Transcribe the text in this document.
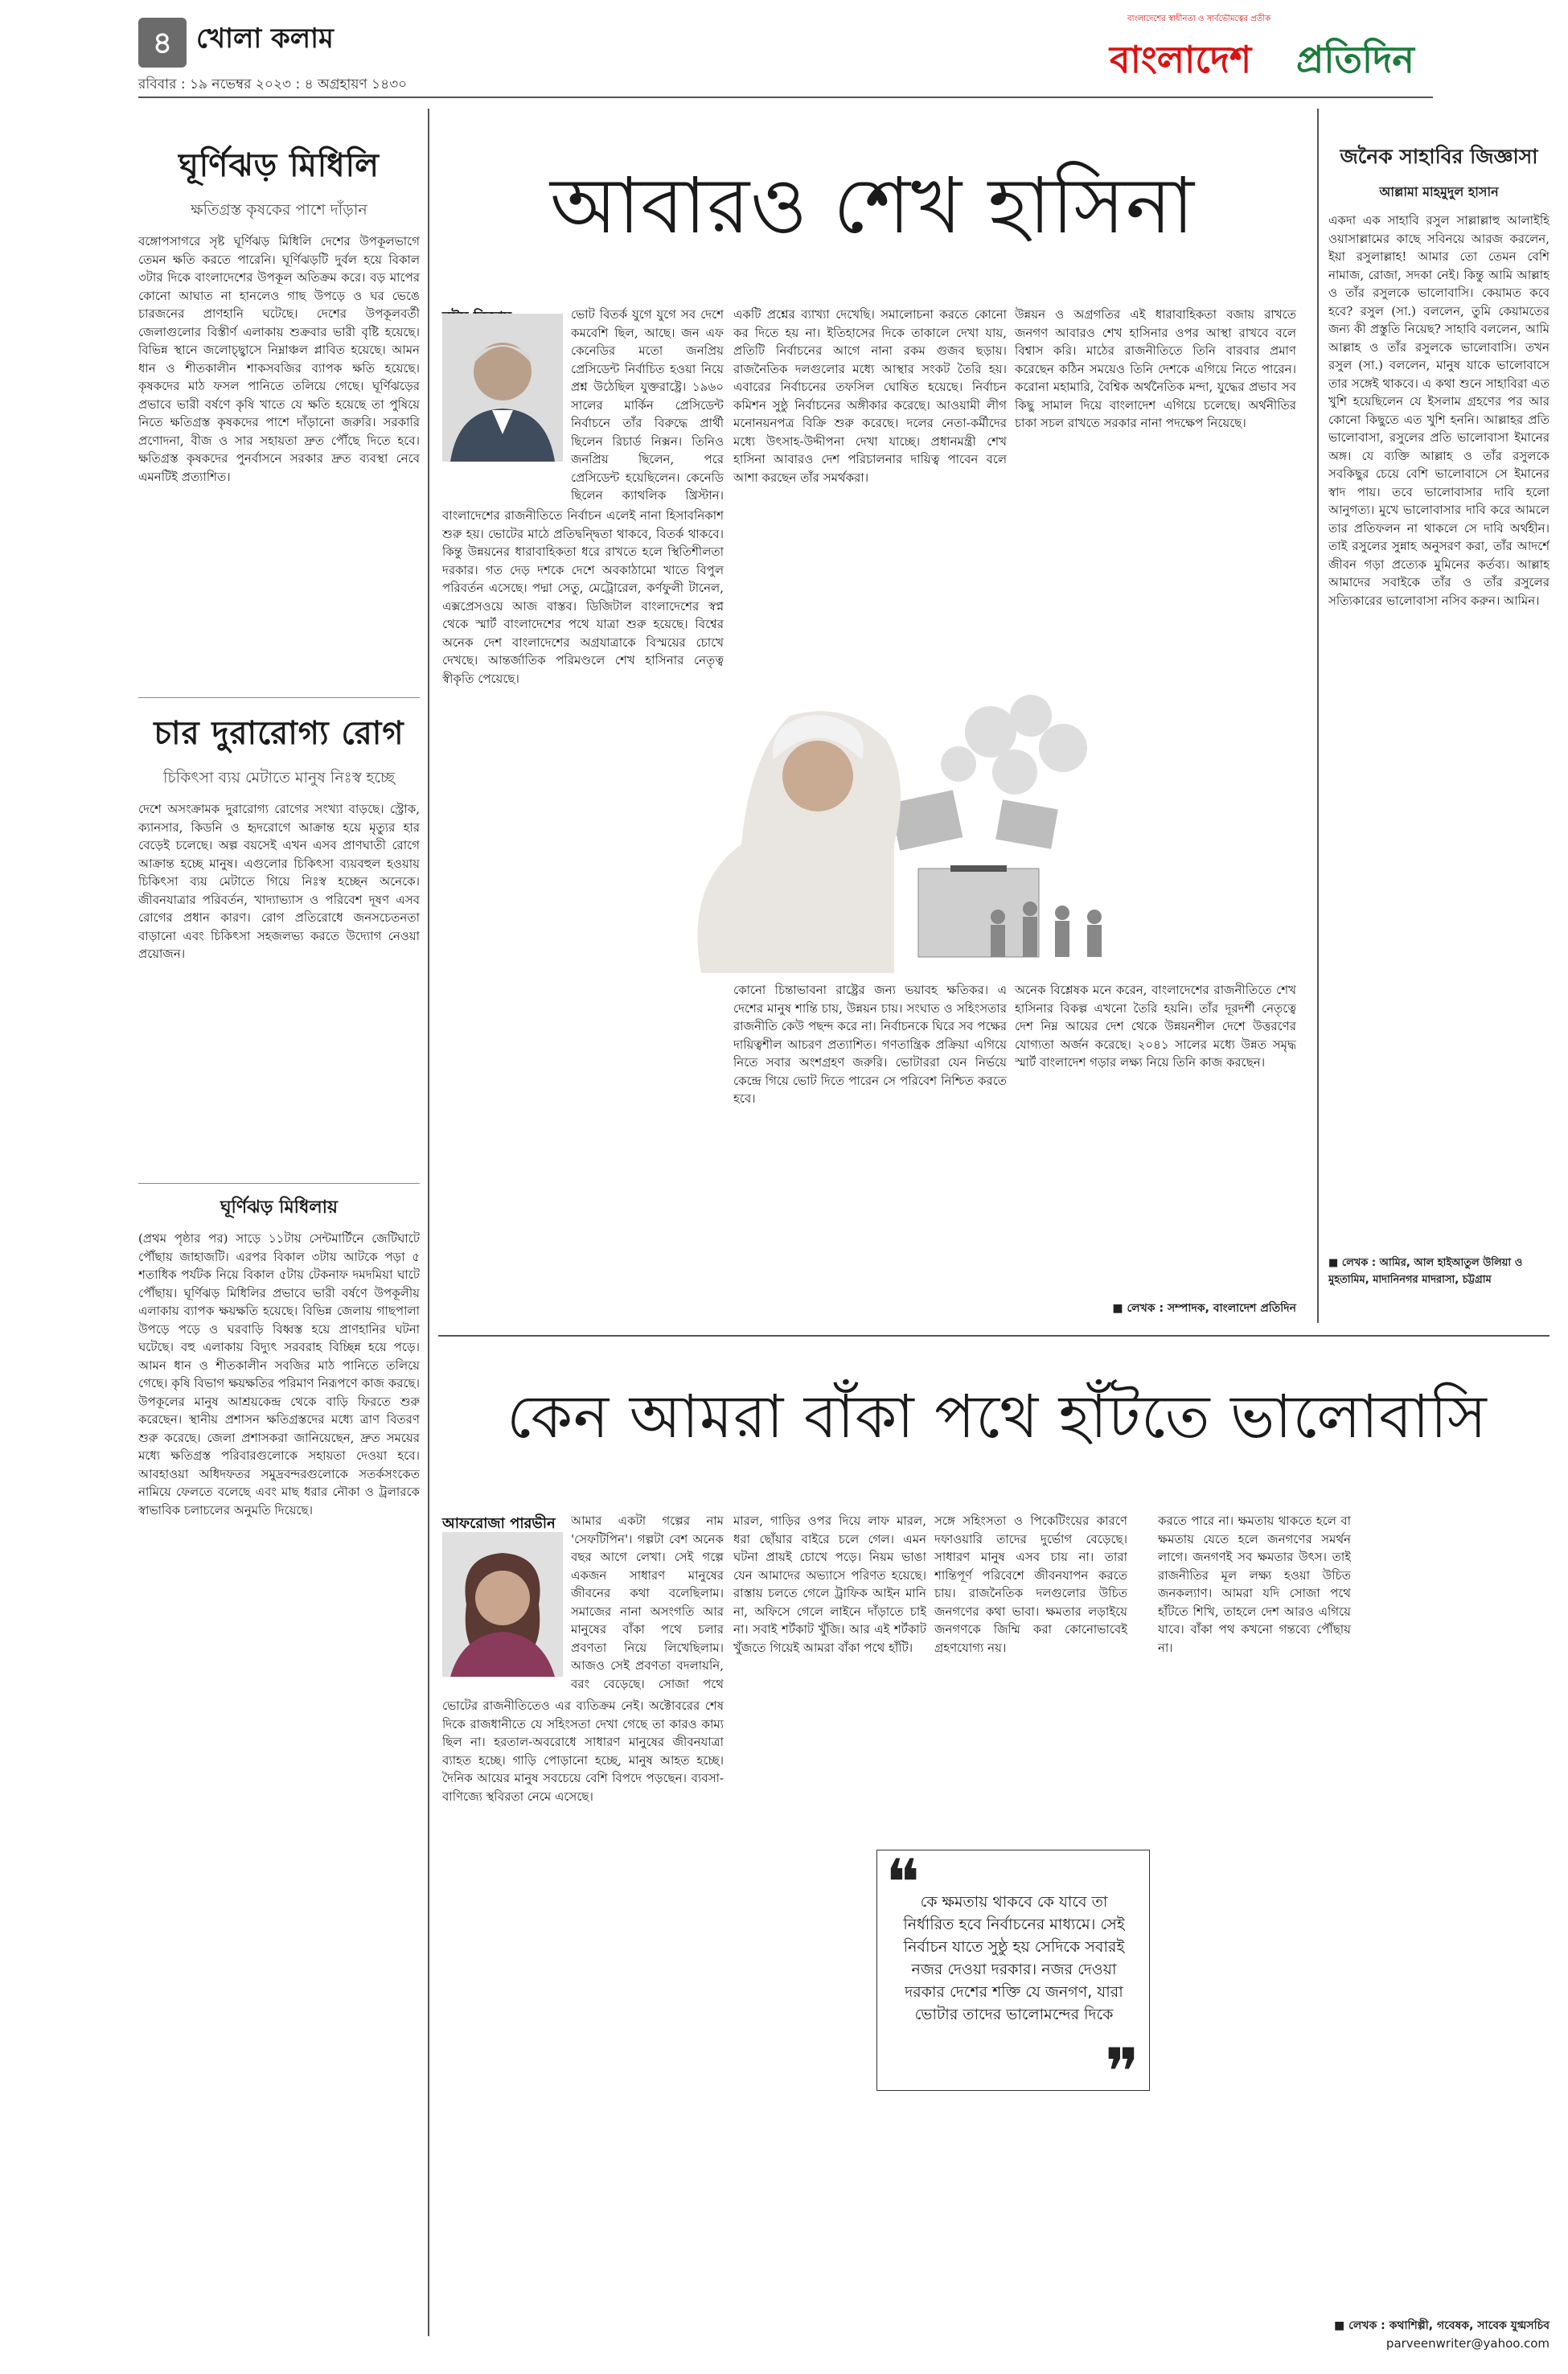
৪ খোলা কলাম
রবিবার : ১৯ নভেম্বর ২০২৩ : ৪ অগ্রহায়ণ ১৪৩০
বাংলাদেশের স্বাধীনতা ও সার্বভৌমত্বের প্রতীক
বাংলাদেশ প্রতিদিন
ঘূর্ণিঝড় মিধিলি
ক্ষতিগ্রস্ত কৃষকের পাশে দাঁড়ান
বঙ্গোপসাগরে সৃষ্ট ঘূর্ণিঝড় মিধিলি দেশের উপকূলভাগে তেমন ক্ষতি করতে পারেনি। ঘূর্ণিঝড়টি দুর্বল হয়ে বিকাল ৩টার দিকে বাংলাদেশের উপকূল অতিক্রম করে। বড় মাপের কোনো আঘাত না হানলেও গাছ উপড়ে ও ঘর ভেঙে চারজনের প্রাণহানি ঘটেছে। দেশের উপকূলবর্তী জেলাগুলোর বিস্তীর্ণ এলাকায় শুক্রবার ভারী বৃষ্টি হয়েছে। বিভিন্ন স্থানে জলোচ্ছ্বাসে নিম্নাঞ্চল প্লাবিত হয়েছে। আমন ধান ও শীতকালীন শাকসবজির ব্যাপক ক্ষতি হয়েছে। কৃষকদের মাঠ ফসল পানিতে তলিয়ে গেছে। ঘূর্ণিঝড়ের প্রভাবে ভারী বর্ষণে কৃষি খাতে যে ক্ষতি হয়েছে তা পুষিয়ে নিতে ক্ষতিগ্রস্ত কৃষকদের পাশে দাঁড়ানো জরুরি। সরকারি প্রণোদনা, বীজ ও সার সহায়তা দ্রুত পৌঁছে দিতে হবে। ক্ষতিগ্রস্ত কৃষকদের পুনর্বাসনে সরকার দ্রুত ব্যবস্থা নেবে এমনটিই প্রত্যাশিত।
চার দুরারোগ্য রোগ
চিকিৎসা ব্যয় মেটাতে মানুষ নিঃস্ব হচ্ছে
দেশে অসংক্রামক দুরারোগ্য রোগের সংখ্যা বাড়ছে। স্ট্রোক, ক্যানসার, কিডনি ও হৃদরোগে আক্রান্ত হয়ে মৃত্যুর হার বেড়েই চলেছে। অল্প বয়সেই এখন এসব প্রাণঘাতী রোগে আক্রান্ত হচ্ছে মানুষ। এগুলোর চিকিৎসা ব্যয়বহুল হওয়ায় চিকিৎসা ব্যয় মেটাতে গিয়ে নিঃস্ব হচ্ছেন অনেকে। জীবনযাত্রার পরিবর্তন, খাদ্যাভ্যাস ও পরিবেশ দূষণ এসব রোগের প্রধান কারণ। রোগ প্রতিরোধে জনসচেতনতা বাড়ানো এবং চিকিৎসা সহজলভ্য করতে উদ্যোগ নেওয়া প্রয়োজন।
ঘূর্ণিঝড় মিধিলায়
(প্রথম পৃষ্ঠার পর) সাড়ে ১১টায় সেন্টমার্টিনে জেটিঘাটে পৌঁছায় জাহাজটি। এরপর বিকাল ৩টায় আটকে পড়া ৫ শতাধিক পর্যটক নিয়ে বিকাল ৫টায় টেকনাফ দমদমিয়া ঘাটে পৌঁছায়। ঘূর্ণিঝড় মিধিলির প্রভাবে ভারী বর্ষণে উপকূলীয় এলাকায় ব্যাপক ক্ষয়ক্ষতি হয়েছে। বিভিন্ন জেলায় গাছপালা উপড়ে পড়ে ও ঘরবাড়ি বিধ্বস্ত হয়ে প্রাণহানির ঘটনা ঘটেছে। বহু এলাকায় বিদ্যুৎ সরবরাহ বিচ্ছিন্ন হয়ে পড়ে। আমন ধান ও শীতকালীন সবজির মাঠ পানিতে তলিয়ে গেছে। কৃষি বিভাগ ক্ষয়ক্ষতির পরিমাণ নিরূপণে কাজ করছে। উপকূলের মানুষ আশ্রয়কেন্দ্র থেকে বাড়ি ফিরতে শুরু করেছেন। স্থানীয় প্রশাসন ক্ষতিগ্রস্তদের মধ্যে ত্রাণ বিতরণ শুরু করেছে। জেলা প্রশাসকরা জানিয়েছেন, দ্রুত সময়ের মধ্যে ক্ষতিগ্রস্ত পরিবারগুলোকে সহায়তা দেওয়া হবে। আবহাওয়া অধিদফতর সমুদ্রবন্দরগুলোকে সতর্কসংকেত নামিয়ে ফেলতে বলেছে এবং মাছ ধরার নৌকা ও ট্রলারকে স্বাভাবিক চলাচলের অনুমতি দিয়েছে।
আবারও শেখ হাসিনা
ভোট বিতর্ক যুগে যুগে সব দেশে কমবেশি ছিল, আছে। জন এফ কেনেডির মতো জনপ্রিয় প্রেসিডেন্ট নির্বাচিত হওয়া নিয়ে প্রশ্ন উঠেছিল যুক্তরাষ্ট্রে। ১৯৬০ সালের মার্কিন প্রেসিডেন্ট নির্বাচনে তাঁর বিরুদ্ধে প্রার্থী ছিলেন রিচার্ড নিক্সন। তিনিও জনপ্রিয় ছিলেন, পরে প্রেসিডেন্ট হয়েছিলেন। কেনেডি ছিলেন ক্যাথলিক খ্রিস্টান।
বাংলাদেশের রাজনীতিতে নির্বাচন এলেই নানা হিসাবনিকাশ শুরু হয়। ভোটের মাঠে প্রতিদ্বন্দ্বিতা থাকবে, বিতর্ক থাকবে। কিন্তু উন্নয়নের ধারাবাহিকতা ধরে রাখতে হলে স্থিতিশীলতা দরকার। গত দেড় দশকে দেশে অবকাঠামো খাতে বিপুল পরিবর্তন এসেছে। পদ্মা সেতু, মেট্রোরেল, কর্ণফুলী টানেল, এক্সপ্রেসওয়ে আজ বাস্তব। ডিজিটাল বাংলাদেশের স্বপ্ন থেকে স্মার্ট বাংলাদেশের পথে যাত্রা শুরু হয়েছে। বিশ্বের অনেক দেশ বাংলাদেশের অগ্রযাত্রাকে বিস্ময়ের চোখে দেখছে। আন্তর্জাতিক পরিমণ্ডলে শেখ হাসিনার নেতৃত্ব স্বীকৃতি পেয়েছে।
একটি প্রশ্নের ব্যাখ্যা দেখেছি। সমালোচনা করতে কোনো কর দিতে হয় না। ইতিহাসের দিকে তাকালে দেখা যায়, প্রতিটি নির্বাচনের আগে নানা রকম গুজব ছড়ায়। রাজনৈতিক দলগুলোর মধ্যে আস্থার সংকট তৈরি হয়। এবারের নির্বাচনের তফসিল ঘোষিত হয়েছে। নির্বাচন কমিশন সুষ্ঠু নির্বাচনের অঙ্গীকার করেছে। আওয়ামী লীগ মনোনয়নপত্র বিক্রি শুরু করেছে। দলের নেতা-কর্মীদের মধ্যে উৎসাহ-উদ্দীপনা দেখা যাচ্ছে। প্রধানমন্ত্রী শেখ হাসিনা আবারও দেশ পরিচালনার দায়িত্ব পাবেন বলে আশা করছেন তাঁর সমর্থকরা।
উন্নয়ন ও অগ্রগতির এই ধারাবাহিকতা বজায় রাখতে জনগণ আবারও শেখ হাসিনার ওপর আস্থা রাখবে বলে বিশ্বাস করি। মাঠের রাজনীতিতে তিনি বারবার প্রমাণ করেছেন কঠিন সময়েও তিনি দেশকে এগিয়ে নিতে পারেন। করোনা মহামারি, বৈশ্বিক অর্থনৈতিক মন্দা, যুদ্ধের প্রভাব সব কিছু সামাল দিয়ে বাংলাদেশ এগিয়ে চলেছে। অর্থনীতির চাকা সচল রাখতে সরকার নানা পদক্ষেপ নিয়েছে।
কোনো চিন্তাভাবনা রাষ্ট্রের জন্য ভয়াবহ ক্ষতিকর। এ দেশের মানুষ শান্তি চায়, উন্নয়ন চায়। সংঘাত ও সহিংসতার রাজনীতি কেউ পছন্দ করে না। নির্বাচনকে ঘিরে সব পক্ষের দায়িত্বশীল আচরণ প্রত্যাশিত। গণতান্ত্রিক প্রক্রিয়া এগিয়ে নিতে সবার অংশগ্রহণ জরুরি। ভোটাররা যেন নির্ভয়ে কেন্দ্রে গিয়ে ভোট দিতে পারেন সে পরিবেশ নিশ্চিত করতে হবে।
অনেক বিশ্লেষক মনে করেন, বাংলাদেশের রাজনীতিতে শেখ হাসিনার বিকল্প এখনো তৈরি হয়নি। তাঁর দূরদর্শী নেতৃত্বে দেশ নিম্ন আয়ের দেশ থেকে উন্নয়নশীল দেশে উত্তরণের যোগ্যতা অর্জন করেছে। ২০৪১ সালের মধ্যে উন্নত সমৃদ্ধ স্মার্ট বাংলাদেশ গড়ার লক্ষ্য নিয়ে তিনি কাজ করছেন।
■ লেখক : সম্পাদক, বাংলাদেশ প্রতিদিন
জনৈক সাহাবির জিজ্ঞাসা
আল্লামা মাহমুদুল হাসান
একদা এক সাহাবি রসুল সাল্লাল্লাহু আলাইহি ওয়াসাল্লামের কাছে সবিনয়ে আরজ করলেন, ইয়া রসুলাল্লাহ! আমার তো তেমন বেশি নামাজ, রোজা, সদকা নেই। কিন্তু আমি আল্লাহ ও তাঁর রসুলকে ভালোবাসি। কেয়ামত কবে হবে? রসুল (সা.) বললেন, তুমি কেয়ামতের জন্য কী প্রস্তুতি নিয়েছ? সাহাবি বললেন, আমি আল্লাহ ও তাঁর রসুলকে ভালোবাসি। তখন রসুল (সা.) বললেন, মানুষ যাকে ভালোবাসে তার সঙ্গেই থাকবে। এ কথা শুনে সাহাবিরা এত খুশি হয়েছিলেন যে ইসলাম গ্রহণের পর আর কোনো কিছুতে এত খুশি হননি। আল্লাহর প্রতি ভালোবাসা, রসুলের প্রতি ভালোবাসা ইমানের অঙ্গ। যে ব্যক্তি আল্লাহ ও তাঁর রসুলকে সবকিছুর চেয়ে বেশি ভালোবাসে সে ইমানের স্বাদ পায়। তবে ভালোবাসার দাবি হলো আনুগত্য। মুখে ভালোবাসার দাবি করে আমলে তার প্রতিফলন না থাকলে সে দাবি অর্থহীন। তাই রসুলের সুন্নাহ অনুসরণ করা, তাঁর আদর্শে জীবন গড়া প্রত্যেক মুমিনের কর্তব্য। আল্লাহ আমাদের সবাইকে তাঁর ও তাঁর রসুলের সত্যিকারের ভালোবাসা নসিব করুন। আমিন।
■ লেখক : আমির, আল হাইআতুল উলিয়া ও মুহতামিম, মাদানিনগর মাদরাসা, চট্টগ্রাম
কেন আমরা বাঁকা পথে হাঁটতে ভালোবাসি
আফরোজা পারভীন আমার একটা গল্পের নাম 'সেফটিপিন'। গল্পটা বেশ অনেক বছর আগে লেখা। সেই গল্পে একজন সাধারণ মানুষের জীবনের কথা বলেছিলাম। সমাজের নানা অসংগতি আর মানুষের বাঁকা পথে চলার প্রবণতা নিয়ে লিখেছিলাম। আজও সেই প্রবণতা বদলায়নি, বরং বেড়েছে। সোজা পথে
ভোটের রাজনীতিতেও এর ব্যতিক্রম নেই। অক্টোবরের শেষ দিকে রাজধানীতে যে সহিংসতা দেখা গেছে তা কারও কাম্য ছিল না। হরতাল-অবরোধে সাধারণ মানুষের জীবনযাত্রা ব্যাহত হচ্ছে। গাড়ি পোড়ানো হচ্ছে, মানুষ আহত হচ্ছে। দৈনিক আয়ের মানুষ সবচেয়ে বেশি বিপদে পড়ছেন। ব্যবসা-বাণিজ্যে স্থবিরতা নেমে এসেছে।
মারল, গাড়ির ওপর দিয়ে লাফ মারল, ধরা ছোঁয়ার বাইরে চলে গেল। এমন ঘটনা প্রায়ই চোখে পড়ে। নিয়ম ভাঙা যেন আমাদের অভ্যাসে পরিণত হয়েছে। রাস্তায় চলতে গেলে ট্রাফিক আইন মানি না, অফিসে গেলে লাইনে দাঁড়াতে চাই না। সবাই শর্টকাট খুঁজি। আর এই শর্টকাট খুঁজতে গিয়েই আমরা বাঁকা পথে হাঁটি।
সঙ্গে সহিংসতা ও পিকেটিংয়ের কারণে দফাওয়ারি তাদের দুর্ভোগ বেড়েছে। সাধারণ মানুষ এসব চায় না। তারা শান্তিপূর্ণ পরিবেশে জীবনযাপন করতে চায়। রাজনৈতিক দলগুলোর উচিত জনগণের কথা ভাবা। ক্ষমতার লড়াইয়ে জনগণকে জিম্মি করা কোনোভাবেই গ্রহণযোগ্য নয়।
❝ কে ক্ষমতায় থাকবে কে যাবে তা নির্ধারিত হবে নির্বাচনের মাধ্যমে। সেই নির্বাচন যাতে সুষ্ঠু হয় সেদিকে সবারই নজর দেওয়া দরকার। নজর দেওয়া দরকার দেশের শক্তি যে জনগণ, যারা ভোটার তাদের ভালোমন্দের দিকে
❞
করতে পারে না। ক্ষমতায় থাকতে হলে বা ক্ষমতায় যেতে হলে জনগণের সমর্থন লাগে। জনগণই সব ক্ষমতার উৎস। তাই রাজনীতির মূল লক্ষ্য হওয়া উচিত জনকল্যাণ। আমরা যদি সোজা পথে হাঁটতে শিখি, তাহলে দেশ আরও এগিয়ে যাবে। বাঁকা পথ কখনো গন্তব্যে পৌঁছায় না।
■ লেখক : কথাশিল্পী, গবেষক, সাবেক যুগ্মসচিব
parveenwriter@yahoo.com
